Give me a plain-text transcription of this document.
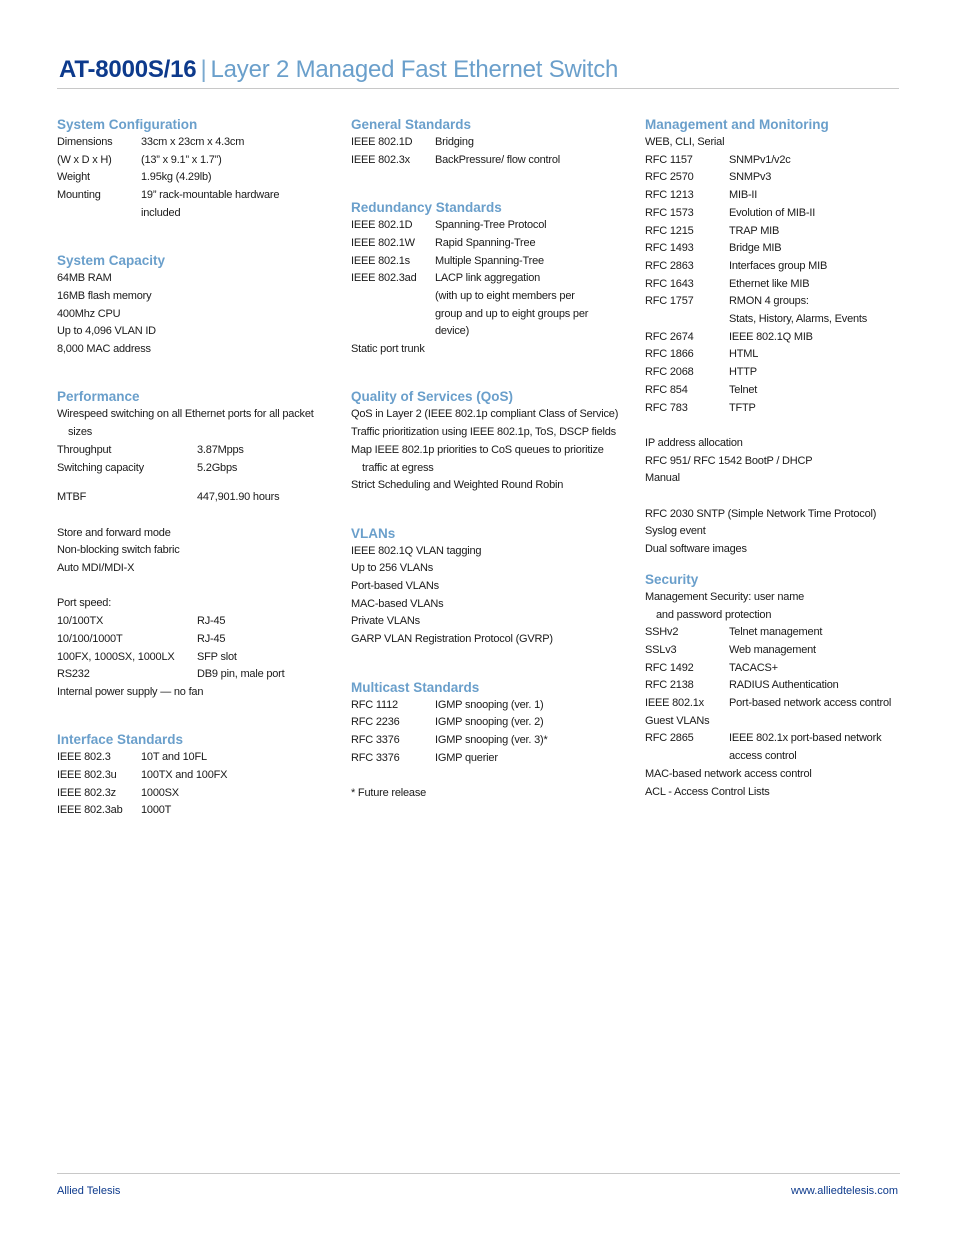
AT-8000S/16 | Layer 2 Managed Fast Ethernet Switch
System Configuration
Dimensions	33cm x 23cm x 4.3cm
(W x D x H)	(13” x 9.1” x 1.7”)
Weight	1.95kg (4.29lb)
Mounting	19” rack-mountable hardware
included
System Capacity
64MB RAM
16MB flash memory
400Mhz CPU
Up to 4,096 VLAN ID
8,000 MAC address
Performance
Wirespeed switching on all Ethernet ports for all packet sizes
Throughput	3.87Mpps
Switching capacity	5.2Gbps
MTBF	447,901.90 hours
Store and forward mode
Non-blocking switch fabric
Auto MDI/MDI-X
Port speed:
10/100TX	RJ-45
10/100/1000T	RJ-45
100FX, 1000SX, 1000LX	SFP slot
RS232	DB9 pin, male port
Internal power supply — no fan
Interface Standards
IEEE 802.3	10T and 10FL
IEEE 802.3u	100TX and 100FX
IEEE 802.3z	1000SX
IEEE 802.3ab	1000T
General Standards
IEEE 802.1D	Bridging
IEEE 802.3x	BackPressure/ flow control
Redundancy Standards
IEEE 802.1D	Spanning-Tree Protocol
IEEE 802.1W	Rapid Spanning-Tree
IEEE 802.1s	Multiple Spanning-Tree
IEEE 802.3ad	LACP link aggregation
(with up to eight members per
group and up to eight groups per
device)
Static port trunk
Quality of Services (QoS)
QoS in Layer 2 (IEEE 802.1p compliant Class of Service)
Traffic prioritization using IEEE 802.1p, ToS, DSCP fields
Map IEEE 802.1p priorities to CoS queues to prioritize traffic at egress
Strict Scheduling and Weighted Round Robin
VLANs
IEEE 802.1Q VLAN tagging
Up to 256 VLANs
Port-based VLANs
MAC-based VLANs
Private VLANs
GARP VLAN Registration Protocol (GVRP)
Multicast Standards
RFC 1112	IGMP snooping (ver. 1)
RFC 2236	IGMP snooping (ver. 2)
RFC 3376	IGMP snooping (ver. 3)*
RFC 3376	IGMP querier
* Future release
Management and Monitoring
WEB, CLI, Serial
RFC 1157	SNMPv1/v2c
RFC 2570	SNMPv3
RFC 1213	MIB-II
RFC 1573	Evolution of MIB-II
RFC 1215	TRAP MIB
RFC 1493	Bridge MIB
RFC 2863	Interfaces group MIB
RFC 1643	Ethernet like MIB
RFC 1757	RMON 4 groups:
Stats, History, Alarms, Events
RFC 2674	IEEE 802.1Q MIB
RFC 1866	HTML
RFC 2068	HTTP
RFC 854	Telnet
RFC 783	TFTP
IP address allocation
RFC 951/ RFC 1542 BootP / DHCP
Manual
RFC 2030 SNTP (Simple Network Time Protocol)
Syslog event
Dual software images
Security
Management Security: user name and password protection
SSHv2	Telnet management
SSLv3	Web management
RFC 1492	TACACS+
RFC 2138	RADIUS Authentication
IEEE 802.1x	Port-based network access control
Guest VLANs
RFC 2865	IEEE 802.1x port-based network
access control
MAC-based network access control
ACL - Access Control Lists
Allied Telesis	www.alliedtelesis.com
